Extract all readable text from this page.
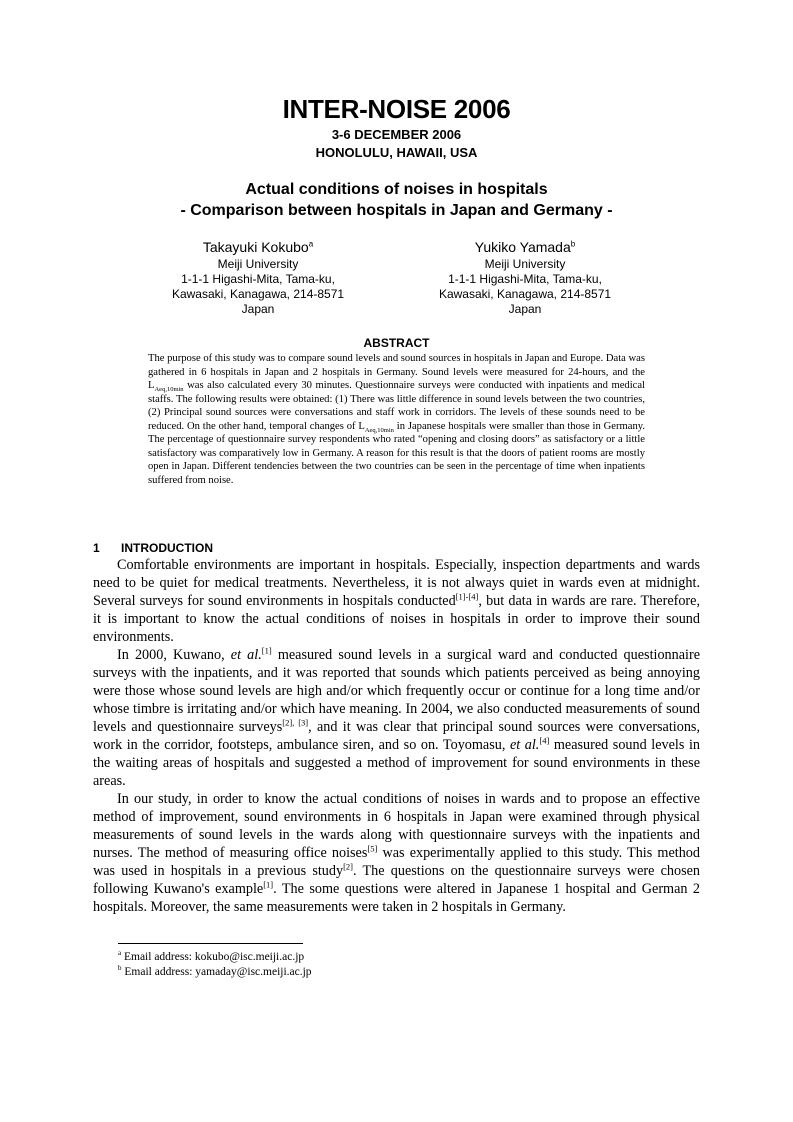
INTER-NOISE 2006
3-6 DECEMBER 2006
HONOLULU, HAWAII, USA
Actual conditions of noises in hospitals
- Comparison between hospitals in Japan and Germany -
Takayuki Kokubo$^a$
Meiji University
1-1-1 Higashi-Mita, Tama-ku,
Kawasaki, Kanagawa, 214-8571
Japan
Yukiko Yamada$^b$
Meiji University
1-1-1 Higashi-Mita, Tama-ku,
Kawasaki, Kanagawa, 214-8571
Japan
ABSTRACT
The purpose of this study was to compare sound levels and sound sources in hospitals in Japan and Europe. Data was gathered in 6 hospitals in Japan and 2 hospitals in Germany. Sound levels were measured for 24-hours, and the $L_{Aeq,10min}$ was also calculated every 30 minutes. Questionnaire surveys were conducted with inpatients and medical staffs. The following results were obtained: (1) There was little difference in sound levels between the two countries, (2) Principal sound sources were conversations and staff work in corridors. The levels of these sounds need to be reduced. On the other hand, temporal changes of $L_{Aeq,10min}$ in Japanese hospitals were smaller than those in Germany. The percentage of questionnaire survey respondents who rated “opening and closing doors” as satisfactory or a little satisfactory was comparatively low in Germany. A reason for this result is that the doors of patient rooms are mostly open in Japan. Different tendencies between the two countries can be seen in the percentage of time when inpatients suffered from noise.
1 INTRODUCTION

Comfortable environments are important in hospitals. Especially, inspection departments and wards need to be quiet for medical treatments. Nevertheless, it is not always quiet in wards even at midnight. Several surveys for sound environments in hospitals conducted[1]-[4], but data in wards are rare. Therefore, it is important to know the actual conditions of noises in hospitals in order to improve their sound environments.

In 2000, Kuwano, et al.[1] measured sound levels in a surgical ward and conducted questionnaire surveys with the inpatients, and it was reported that sounds which patients perceived as being annoying were those whose sound levels are high and/or which frequently occur or continue for a long time and/or whose timbre is irritating and/or which have meaning. In 2004, we also conducted measurements of sound levels and questionnaire surveys[2], [3], and it was clear that principal sound sources were conversations, work in the corridor, footsteps, ambulance siren, and so on. Toyomasu, et al.[4] measured sound levels in the waiting areas of hospitals and suggested a method of improvement for sound environments in these areas.

In our study, in order to know the actual conditions of noises in wards and to propose an effective method of improvement, sound environments in 6 hospitals in Japan were examined through physical measurements of sound levels in the wards along with questionnaire surveys with the inpatients and nurses. The method of measuring office noises[5] was experimentally applied to this study. This method was used in hospitals in a previous study[2]. The questions on the questionnaire surveys were chosen following Kuwano's example[1]. The some questions were altered in Japanese 1 hospital and German 2 hospitals. Moreover, the same measurements were taken in 2 hospitals in Germany.

$^a$ Email address: kokubo@isc.meiji.ac.jp
$^b$ Email address: yamaday@isc.meiji.ac.jp
